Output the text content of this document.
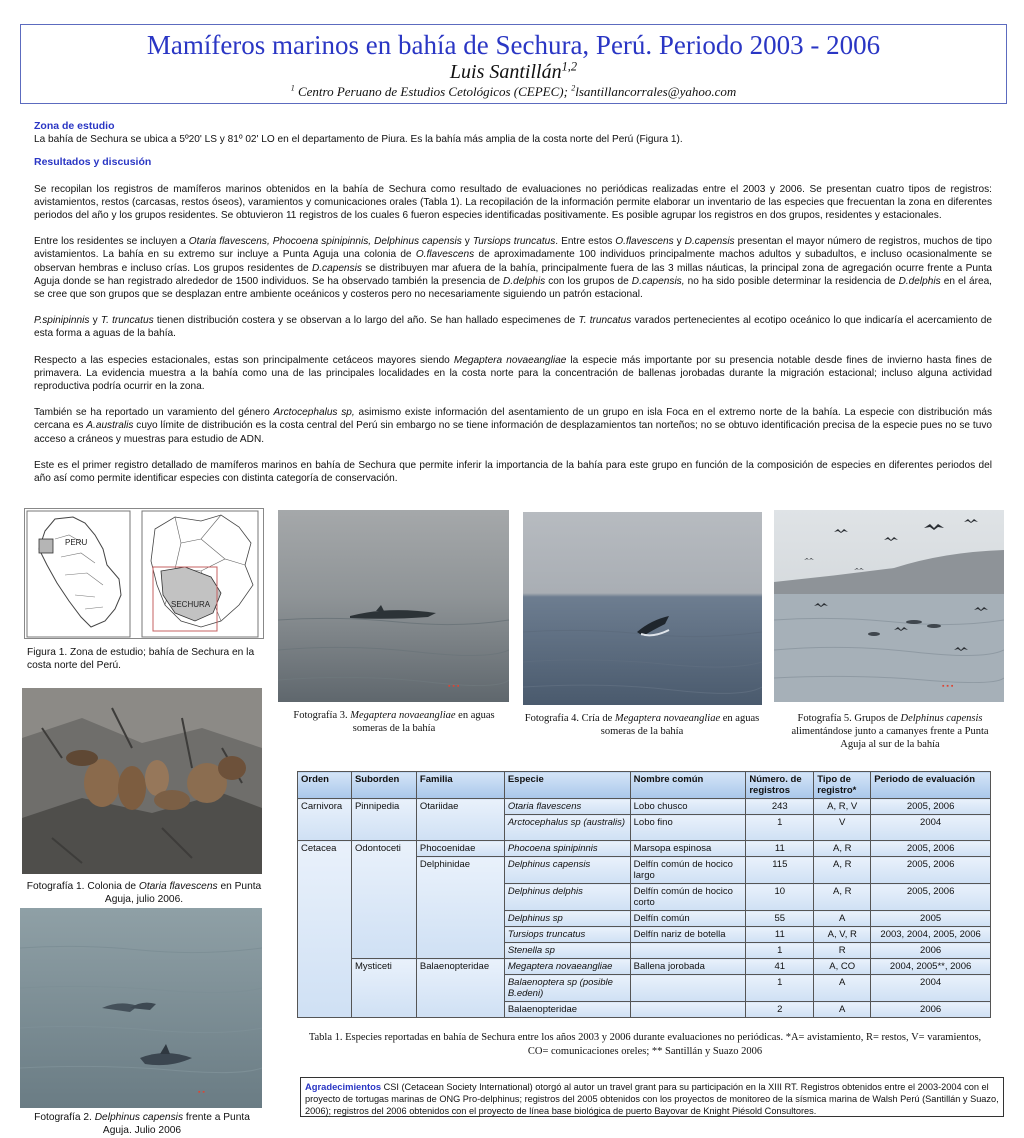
Mamíferos marinos en bahía de Sechura, Perú. Periodo 2003 - 2006
Luis Santillán$^{1,2}$
$^1$ Centro Peruano de Estudios Cetológicos (CEPEC); $^2$lsantillancorrales@yahoo.com
Zona de estudio
La bahía de Sechura se ubica a 5º20' LS y 81º 02' LO en el departamento de Piura. Es la bahía más amplia de la costa norte del Perú (Figura 1).
Resultados y discusión
Se recopilan los registros de mamíferos marinos obtenidos en la bahía de Sechura como resultado de evaluaciones no periódicas realizadas entre el 2003 y 2006. Se presentan cuatro tipos de registros: avistamientos, restos (carcasas, restos óseos), varamientos y comunicaciones orales (Tabla 1). La recopilación de la información permite elaborar un inventario de las especies que frecuentan la zona en diferentes periodos del año y los grupos residentes. Se obtuvieron 11 registros de los cuales 6 fueron especies identificadas positivamente. Es posible agrupar los registros en dos grupos, residentes y estacionales.
Entre los residentes se incluyen a Otaria flavescens, Phocoena spinipinnis, Delphinus capensis y Tursiops truncatus. Entre estos O.flavescens y D.capensis presentan el mayor número de registros, muchos de tipo avistamientos. La bahía en su extremo sur incluye a Punta Aguja una colonia de O.flavescens de aproximadamente 100 individuos principalmente machos adultos y subadultos, e incluso ocasionalmente se observan hembras e incluso crías. Los grupos residentes de D.capensis se distribuyen mar afuera de la bahía, principalmente fuera de las 3 millas náuticas, la principal zona de agregación ocurre frente a Punta Aguja donde se han registrado alrededor de 1500 individuos. Se ha observado también la presencia de D.delphis con los grupos de D.capensis, no ha sido posible determinar la residencia de D.delphis en el área, se cree que son grupos que se desplazan entre ambiente oceánicos y costeros pero no necesariamente siguiendo un patrón estacional.
P.spinipinnis y T. truncatus tienen distribución costera y se observan a lo largo del año. Se han hallado especimenes de T. truncatus varados pertenecientes al ecotipo oceánico lo que indicaría el acercamiento de esta forma a aguas de la bahía.
Respecto a las especies estacionales, estas son principalmente cetáceos mayores siendo Megaptera novaeangliae la especie más importante por su presencia notable desde fines de invierno hasta fines de primavera. La evidencia muestra a la bahía como una de las principales localidades en la costa norte para la concentración de ballenas jorobadas durante la migración estacional; incluso alguna actividad reproductiva podría ocurrir en la zona.
También se ha reportado un varamiento del género Arctocephalus sp, asimismo existe información del asentamiento de un grupo en isla Foca en el extremo norte de la bahía. La especie con distribución más cercana es A.australis cuyo límite de distribución es la costa central del Perú sin embargo no se tiene información de desplazamientos tan norteños; no se obtuvo identificación precisa de la especie pues no se tuvo acceso a cráneos y muestras para estudio de ADN.
Este es el primer registro detallado de mamíferos marinos en bahía de Sechura que permite inferir la importancia de la bahía para este grupo en función de la composición de especies en diferentes periodos del año así como permite identificar especies con distinta categoría de conservación.
PERU
SECHURA
Figura 1. Zona de estudio; bahía de Sechura en la costa norte del Perú.
Fotografía 1. Colonia de Otaria flavescens en Punta Aguja, julio 2006.
▪ ▪
Fotografía 2. Delphinus capensis frente a Punta Aguja. Julio 2006
▪ ▪ ▪
Fotografía 3. Megaptera novaeangliae en aguas someras de la bahía
Fotografía 4. Cría de Megaptera novaeangliae en aguas someras de la bahía
▪ ▪ ▪
Fotografía 5. Grupos de Delphinus capensis alimentándose junto a camanyes frente a Punta Aguja al sur de la bahía
Orden	Suborden	Familia	Especie	Nombre común	Número. de registros	Tipo de registro*	Periodo de evaluación
Carnivora	Pinnipedia	Otariidae	Otaria flavescens	Lobo chusco	243	A, R, V	2005, 2006
			Arctocephalus sp (australis)	Lobo fino	1	V	2004
Cetacea	Odontoceti	Phocoenidae	Phocoena spinipinnis	Marsopa espinosa	11	A, R	2005, 2006
		Delphinidae	Delphinus capensis	Delfín común de hocico largo	115	A, R	2005, 2006
			Delphinus delphis	Delfín común de hocico corto	10	A, R	2005, 2006
			Delphinus sp	Delfín común	55	A	2005
			Tursiops truncatus	Delfín nariz de botella	11	A, V, R	2003, 2004, 2005, 2006
			Stenella sp		1	R	2006
	Mysticeti	Balaenopteridae	Megaptera novaeangliae	Ballena jorobada	41	A, CO	2004, 2005**, 2006
			Balaenoptera sp (posible B.edeni)		1	A	2004
			Balaenopteridae		2	A	2006
Tabla 1. Especies reportadas en bahía de Sechura entre los años 2003 y 2006 durante evaluaciones no periódicas. *A= avistamiento, R= restos, V= varamientos, CO= comunicaciones oreles; ** Santillán y Suazo 2006
Agradecimientos CSI (Cetacean Society International) otorgó al autor un travel grant para su participación en la XIII RT. Registros obtenidos entre el 2003-2004 con el proyecto de tortugas marinas de ONG Pro-delphinus; registros del 2005 obtenidos con los proyectos de monitoreo de la sísmica marina de Walsh Perú (Santillán y Suazo, 2006); registros del 2006 obtenidos con el proyecto de línea base biológica de puerto Bayovar de Knight Piésold Consultores.
